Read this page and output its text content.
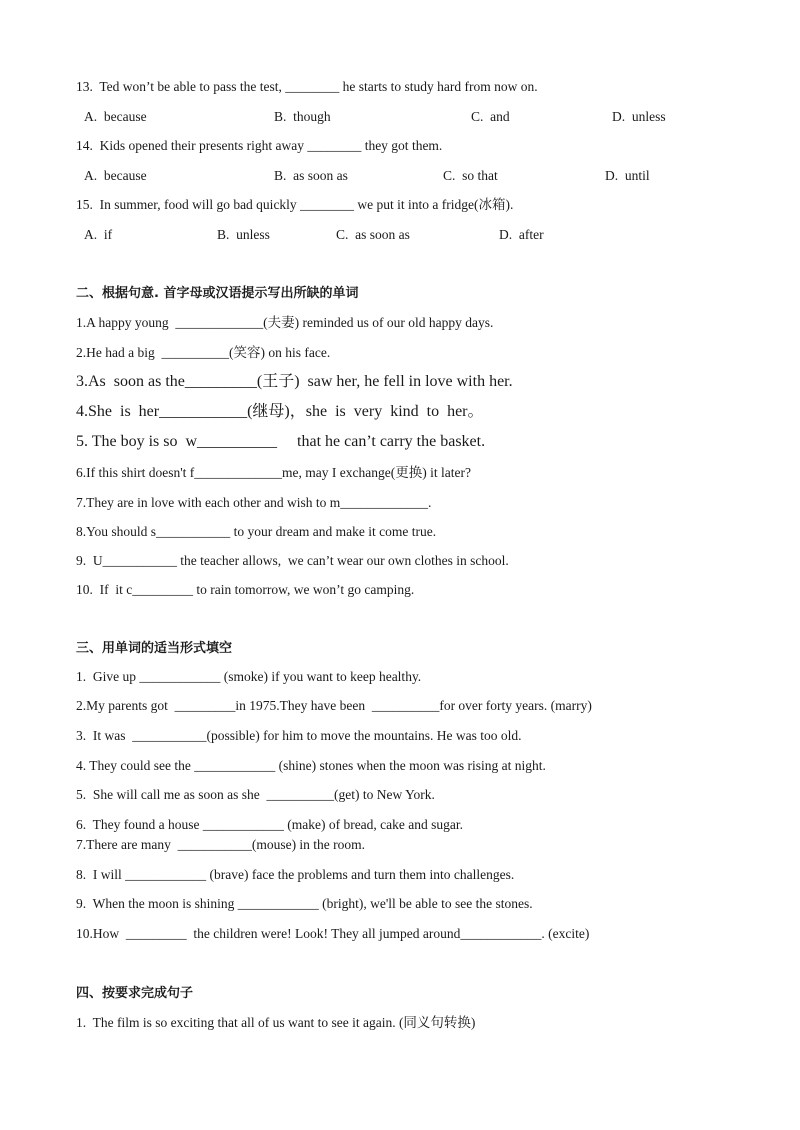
13.  Ted won’t be able to pass the test, ________ he starts to study hard from now on.
A.  because	B.  though	C.  and	D.  unless
14.  Kids opened their presents right away ________ they got them.
A.  because	B.  as soon as	C.  so that	D.  until
15.  In summer, food will go bad quickly ________ we put it into a fridge(冰箱).
A.  if	B.  unless	C.  as soon as	D.  after
二、根据句意. 首字母或汉语提示写出所缺的单词
1.A happy young  _____________(夫妻) reminded us of our old happy days.
2.He had a big  __________(笑容) on his face.
3.As  soon as the_________(王子)  saw her, he fell in love with her.
4.She  is  her___________(继母)，she  is  very  kind  to  her。
5. The boy is so  w__________     that he can’t carry the basket.
6.If this shirt doesn't f_____________me, may I exchange(更换) it later?
7.They are in love with each other and wish to m_____________.
8.You should s___________ to your dream and make it come true.
9.  U___________ the teacher allows,  we can’t wear our own clothes in school.
10.  If  it c_________ to rain tomorrow, we won’t go camping.
三、用单词的适当形式填空
1.  Give up ____________ (smoke) if you want to keep healthy.
2.My parents got  _________in 1975.They have been  __________for over forty years. (marry)
3.  It was  ___________(possible) for him to move the mountains. He was too old.
4. They could see the ____________ (shine) stones when the moon was rising at night.
5.  She will call me as soon as she  __________(get) to New York.
6.  They found a house ____________ (make) of bread, cake and sugar.
7.There are many  ___________(mouse) in the room.
8.  I will ____________ (brave) face the problems and turn them into challenges.
9.  When the moon is shining ____________ (bright), we'll be able to see the stones.
10.How  _________  the children were! Look! They all jumped around____________. (excite)
四、按要求完成句子
1.  The film is so exciting that all of us want to see it again. (同义句转换)
